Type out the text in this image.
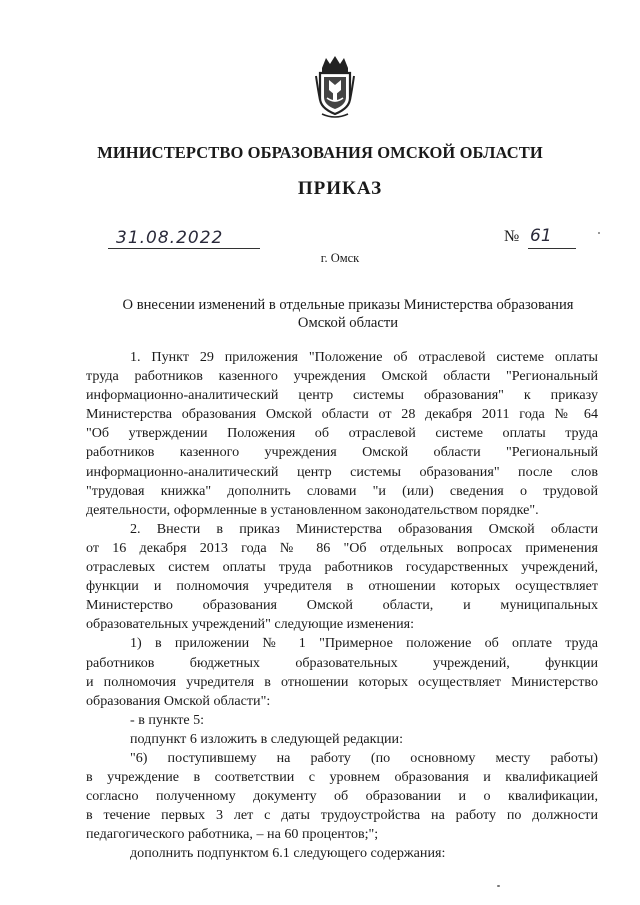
МИНИСТЕРСТВО ОБРАЗОВАНИЯ ОМСКОЙ ОБЛАСТИ
ПРИКАЗ
31.08.2022	№ 61
г. Омск
О внесении изменений в отдельные приказы Министерства образования
Омской области
1. Пункт 29 приложения "Положение об отраслевой системе оплаты
труда работников казенного учреждения Омской области "Региональный
информационно-аналитический центр системы образования" к приказу
Министерства образования Омской области от 28 декабря 2011 года № 64
"Об утверждении Положения об отраслевой системе оплаты труда
работников казенного учреждения Омской области "Региональный
информационно-аналитический центр системы образования" после слов
"трудовая книжка" дополнить словами "и (или) сведения о трудовой
деятельности, оформленные в установленном законодательством порядке".
2. Внести в приказ Министерства образования Омской области
от 16 декабря 2013 года № 86 "Об отдельных вопросах применения
отраслевых систем оплаты труда работников государственных учреждений,
функции и полномочия учредителя в отношении которых осуществляет
Министерство образования Омской области, и муниципальных
образовательных учреждений" следующие изменения:
1) в приложении № 1 "Примерное положение об оплате труда
работников бюджетных образовательных учреждений, функции
и полномочия учредителя в отношении которых осуществляет Министерство
образования Омской области":
- в пункте 5:
подпункт 6 изложить в следующей редакции:
"6) поступившему на работу (по основному месту работы)
в учреждение в соответствии с уровнем образования и квалификацией
согласно полученному документу об образовании и о квалификации,
в течение первых 3 лет с даты трудоустройства на работу по должности
педагогического работника, – на 60 процентов;";
дополнить подпунктом 6.1 следующего содержания:
